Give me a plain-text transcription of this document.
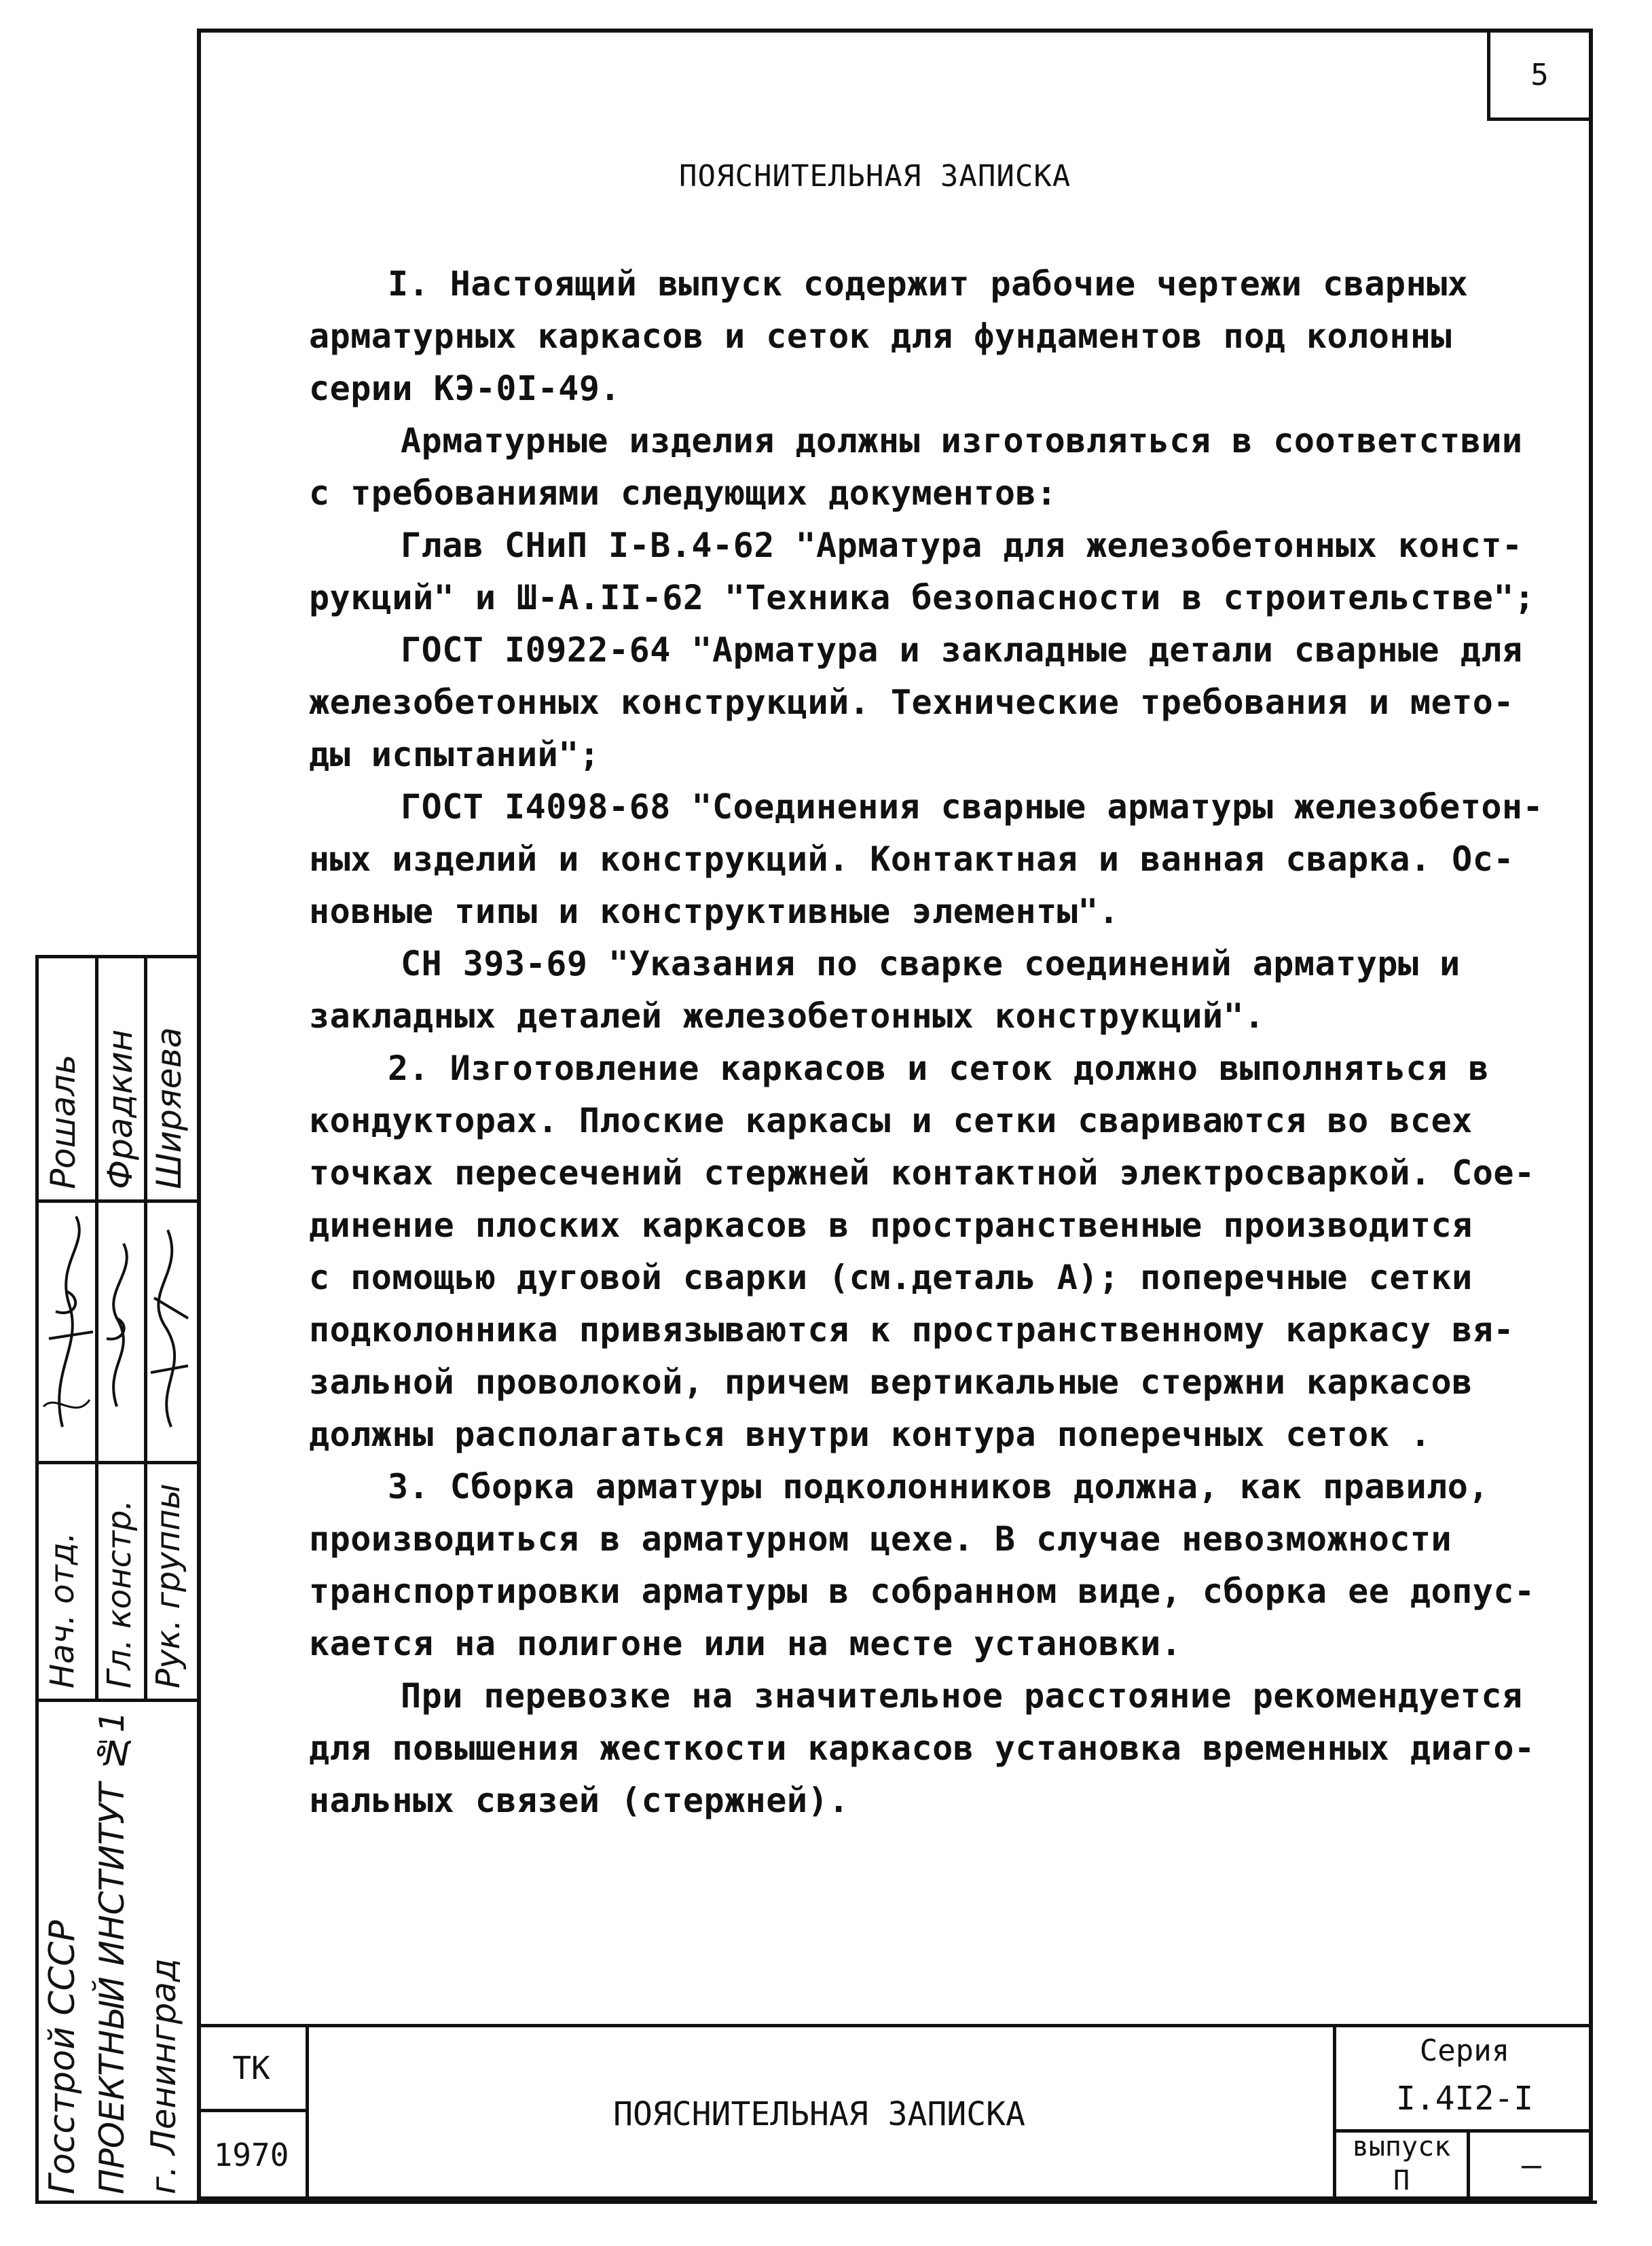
5
ПОЯСНИТЕЛЬНАЯ ЗАПИСКА

I. Настоящий выпуск содержит рабочие чертежи сварных

арматурных каркасов и сеток для фундаментов под колонны

серии КЭ-0I-49.

Арматурные изделия должны изготовляться в соответствии

с требованиями следующих документов:

Глав СНиП I-В.4-62 "Арматура для железобетонных конст-

рукций" и Ш-А.II-62 "Техника безопасности в строительстве";

ГОСТ I0922-64 "Арматура и закладные детали сварные для

железобетонных конструкций. Технические требования и мето-

ды испытаний";

ГОСТ I4098-68 "Соединения сварные арматуры железобетон-

ных изделий и конструкций. Контактная и ванная сварка. Ос-

новные типы и конструктивные элементы".

СН 393-69 "Указания по сварке соединений арматуры и

закладных деталей железобетонных конструкций".

2. Изготовление каркасов и сеток должно выполняться в

кондукторах. Плоские каркасы и сетки свариваются во всех

точках пересечений стержней контактной электросваркой. Сое-

динение плоских каркасов в пространственные производится

с помощью дуговой сварки (см.деталь А); поперечные сетки

подколонника привязываются к пространственному каркасу вя-

зальной проволокой, причем вертикальные стержни каркасов

должны располагаться внутри контура поперечных сеток .

3. Сборка арматуры подколонников должна, как правило,

производиться в арматурном цехе. В случае невозможности

транспортировки арматуры в собранном виде, сборка ее допус-

кается на полигоне или на месте установки.

При перевозке на значительное расстояние рекомендуется

для повышения жесткости каркасов установка временных диаго-

нальных связей (стержней).

ТК
1970
ПОЯСНИТЕЛЬНАЯ ЗАПИСКА
Серия
I.4I2-I
выпуск
П	–
Рошаль Фрадкин Ширяева
Нач. отд. Гл. констр. Рук. группы
Госстрой СССР ПРОЕКТНЫЙ ИНСТИТУТ №1 г. Ленинград
